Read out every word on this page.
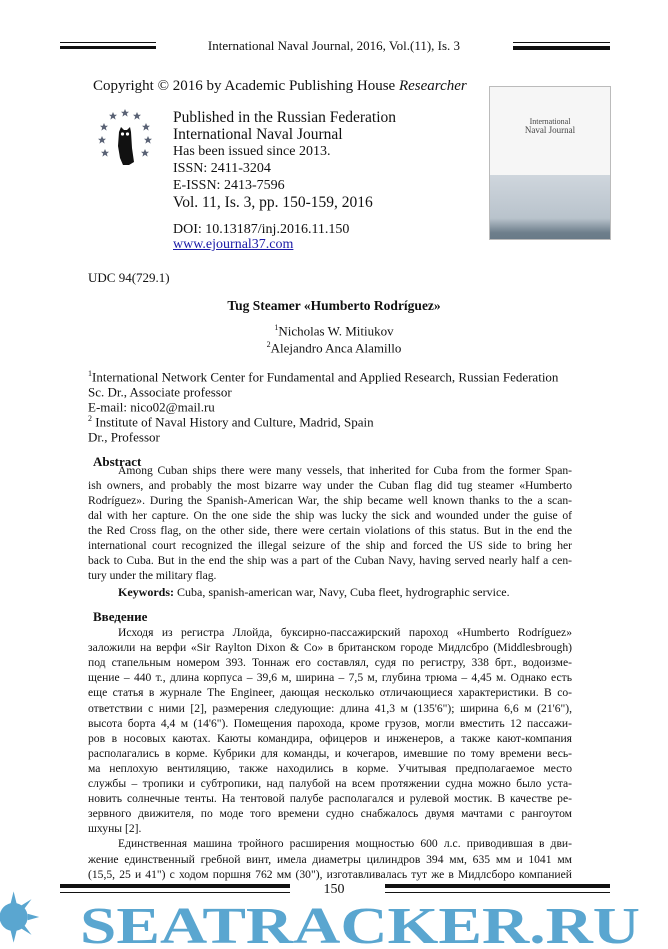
International Naval Journal, 2016, Vol.(11), Is. 3
Copyright © 2016 by Academic Publishing House Researcher
Published in the Russian Federation
International Naval Journal
Has been issued since 2013.
ISSN: 2411-3204
E-ISSN: 2413-7596
Vol. 11, Is. 3, pp. 150-159, 2016
DOI: 10.13187/inj.2016.11.150
www.ejournal37.com
International
Naval Journal
UDC 94(729.1)
Tug Steamer «Humberto Rodríguez»
$^1$Nicholas W. Mitiukov
$^2$Alejandro Anca Alamillo
$^1$International Network Center for Fundamental and Applied Research, Russian Federation
Sc. Dr., Associate professor
E-mail: nico02@mail.ru
$^2$ Institute of Naval History and Culture, Madrid, Spain
Dr., Professor
Abstract
Among Cuban ships there were many vessels, that inherited for Cuba from the former Span-
ish owners, and probably the most bizarre way under the Cuban flag did tug steamer «Humberto
Rodríguez». During the Spanish-American War, the ship became well known thanks to the a scan-
dal with her capture. On the one side the ship was lucky the sick and wounded under the guise of
the Red Cross flag, on the other side, there were certain violations of this status. But in the end the
international court recognized the illegal seizure of the ship and forced the US side to bring her
back to Cuba. But in the end the ship was a part of the Cuban Navy, having served nearly half a cen-
tury under the military flag.
Keywords: Cuba, spanish-american war, Navy, Cuba fleet, hydrographic service.
Введение
Исходя из регистра Ллойда, буксирно-пассажирский пароход «Humberto Rodríguez»
заложили на верфи «Sir Raylton Dixon & Co» в британском городе Мидлсбро (Middlesbrough)
под стапельным номером 393. Тоннаж его составлял, судя по регистру, 338 брт., водоизме-
щение – 440 т., длина корпуса – 39,6 м, ширина – 7,5 м, глубина трюма – 4,45 м. Однако есть
еще статья в журнале The Engineer, дающая несколько отличающиеся характеристики. В со-
ответствии с ними [2], размерения следующие: длина 41,3 м (135'6"); ширина 6,6 м (21'6"),
высота борта 4,4 м (14'6"). Помещения парохода, кроме грузов, могли вместить 12 пассажи-
ров в носовых каютах. Каюты командира, офицеров и инженеров, а также кают-компания
располагались в корме. Кубрики для команды, и кочегаров, имевшие по тому времени весь-
ма неплохую вентиляцию, также находились в корме. Учитывая предполагаемое место
службы – тропики и субтропики, над палубой на всем протяжении судна можно было уста-
новить солнечные тенты. На тентовой палубе располагался и рулевой мостик. В качестве ре-
зервного движителя, по моде того времени судно снабжалось двумя мачтами с рангоутом
шхуны [2].
Единственная машина тройного расширения мощностью 600 л.с. приводившая в дви-
жение единственный гребной винт, имела диаметры цилиндров 394 мм, 635 мм и 1041 мм
(15,5, 25 и 41") с ходом поршня 762 мм (30"), изготавливалась тут же в Мидлсборо компанией
150
SEATRACKER.RU
